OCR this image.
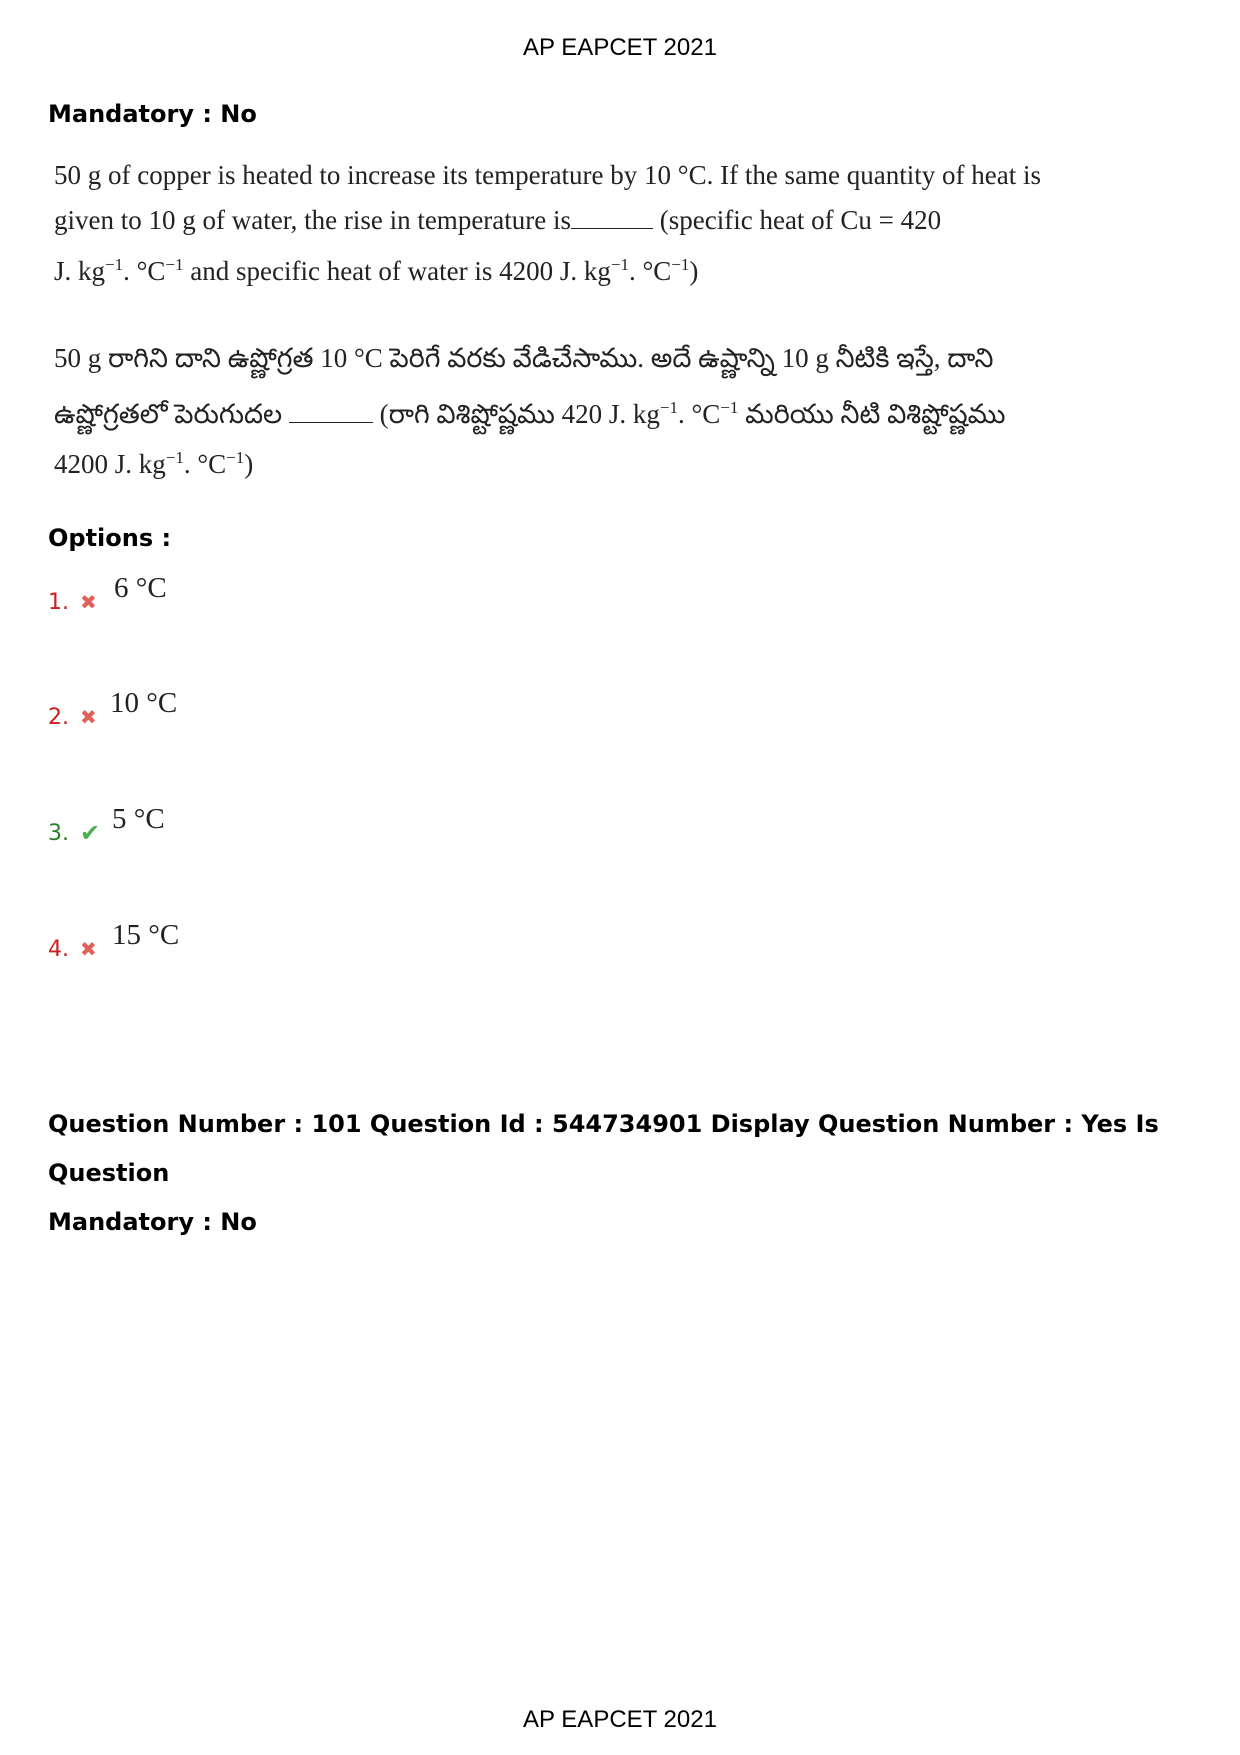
AP EAPCET 2021
Mandatory : No
50 g of copper is heated to increase its temperature by 10 °C. If the same quantity of heat is
given to 10 g of water, the rise in temperature is	(specific heat of Cu = 420
J. $kg^{-1}$. $^\circ C^{-1}$ and specific heat of water is 4200 J. $kg^{-1}$. $^\circ C^{-1}$)
50 g రాగిని దాని ఉష్ణోగ్రత 10 °C పెరిగే వరకు వేడిచేసాము. అదే ఉష్ణాన్ని 10 g నీటికి ఇస్తే, దాని
ఉష్ణోగ్రతలో పెరుగుదల	(రాగి విశిష్టోష్ణము 420 J. $kg^{-1}$. $^\circ C^{-1}$ మరియు నీటి విశిష్టోష్ణము
4200 J. $kg^{-1}$. $^\circ C^{-1}$)
Options :
1. ✖ 6 °C
2. ✖ 10 °C
3. ✔ 5 °C
4. ✖ 15 °C
Question Number : 101 Question Id : 544734901 Display Question Number : Yes Is Question
Mandatory : No
AP EAPCET 2021
